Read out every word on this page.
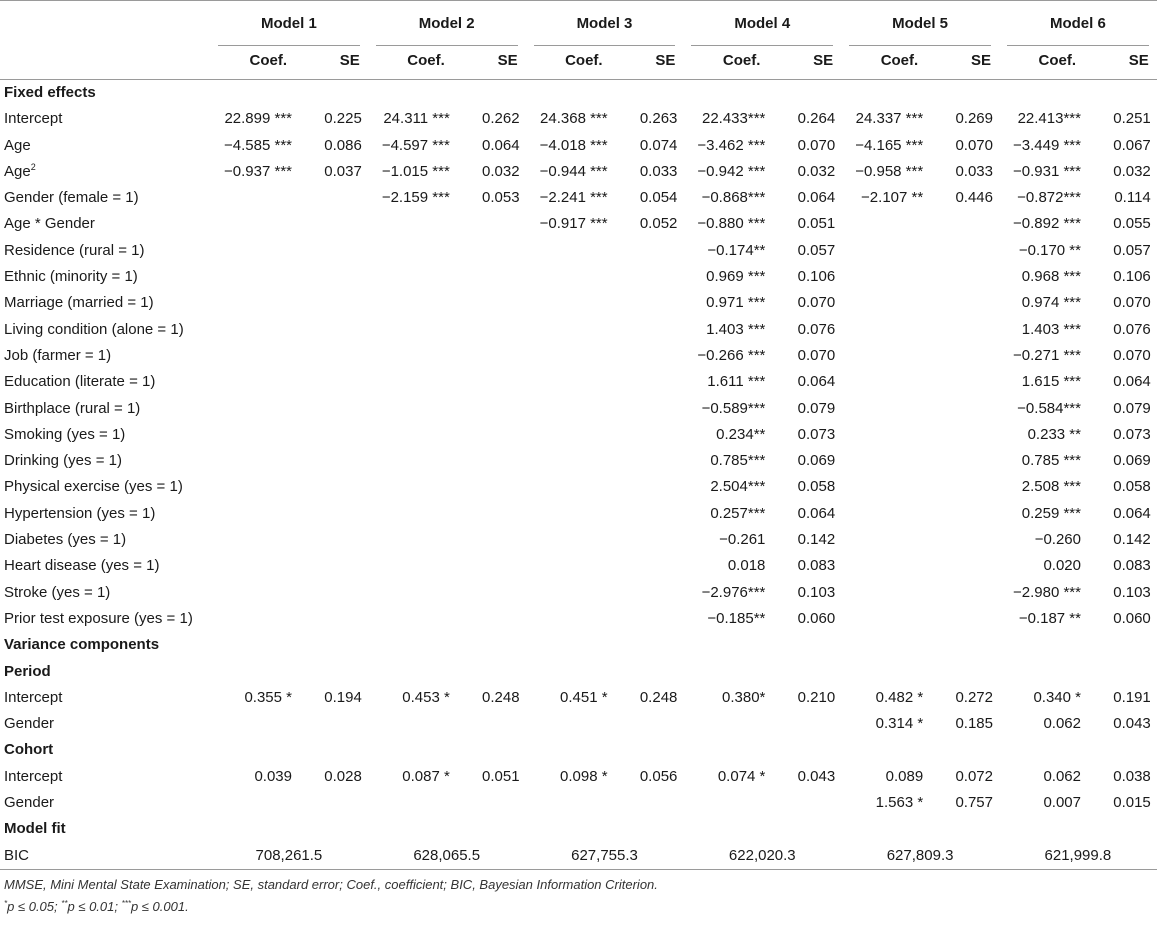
	Model 1		Model 2		Model 3		Model 4		Model 5		Model 6	

	Coef.	SE	Coef.	SE	Coef.	SE	Coef.	SE	Coef.	SE	Coef.	SE
Fixed effects												
Intercept	22.899 ***	0.225	24.311 ***	0.262	24.368 ***	0.263	22.433***	0.264	24.337 ***	0.269	22.413***	0.251
Age	−4.585 ***	0.086	−4.597 ***	0.064	−4.018 ***	0.074	−3.462 ***	0.070	−4.165 ***	0.070	−3.449 ***	0.067
Age$^2$	−0.937 ***	0.037	−1.015 ***	0.032	−0.944 ***	0.033	−0.942 ***	0.032	−0.958 ***	0.033	−0.931 ***	0.032
Gender (female = 1)			−2.159 ***	0.053	−2.241 ***	0.054	−0.868***	0.064	−2.107 **	0.446	−0.872***	0.114
Age * Gender					−0.917 ***	0.052	−0.880 ***	0.051			−0.892 ***	0.055
Residence (rural = 1)							−0.174**	0.057			−0.170 **	0.057
Ethnic (minority = 1)							0.969 ***	0.106			0.968 ***	0.106
Marriage (married = 1)							0.971 ***	0.070			0.974 ***	0.070
Living condition (alone = 1)							1.403 ***	0.076			1.403 ***	0.076
Job (farmer = 1)							−0.266 ***	0.070			−0.271 ***	0.070
Education (literate = 1)							1.611 ***	0.064			1.615 ***	0.064
Birthplace (rural = 1)							−0.589***	0.079			−0.584***	0.079
Smoking (yes = 1)							0.234**	0.073			0.233 **	0.073
Drinking (yes = 1)							0.785***	0.069			0.785 ***	0.069
Physical exercise (yes = 1)							2.504***	0.058			2.508 ***	0.058
Hypertension (yes = 1)							0.257***	0.064			0.259 ***	0.064
Diabetes (yes = 1)							−0.261	0.142			−0.260	0.142
Heart disease (yes = 1)							0.018	0.083			0.020	0.083
Stroke (yes = 1)							−2.976***	0.103			−2.980 ***	0.103
Prior test exposure (yes = 1)							−0.185**	0.060			−0.187 **	0.060
Variance components												
Period												
Intercept	0.355 *	0.194	0.453 *	0.248	0.451 *	0.248	0.380*	0.210	0.482 *	0.272	0.340 *	0.191
Gender									0.314 *	0.185	0.062	0.043
Cohort												
Intercept	0.039	0.028	0.087 *	0.051	0.098 *	0.056	0.074 *	0.043	0.089	0.072	0.062	0.038
Gender									1.563 *	0.757	0.007	0.015
Model fit												
BIC	708,261.5		628,065.5		627,755.3		622,020.3		627,809.3		621,999.8	
MMSE, Mini Mental State Examination; SE, standard error; Coef., coefficient; BIC, Bayesian Information Criterion.
*p ≤ 0.05; **p ≤ 0.01; ***p ≤ 0.001.
